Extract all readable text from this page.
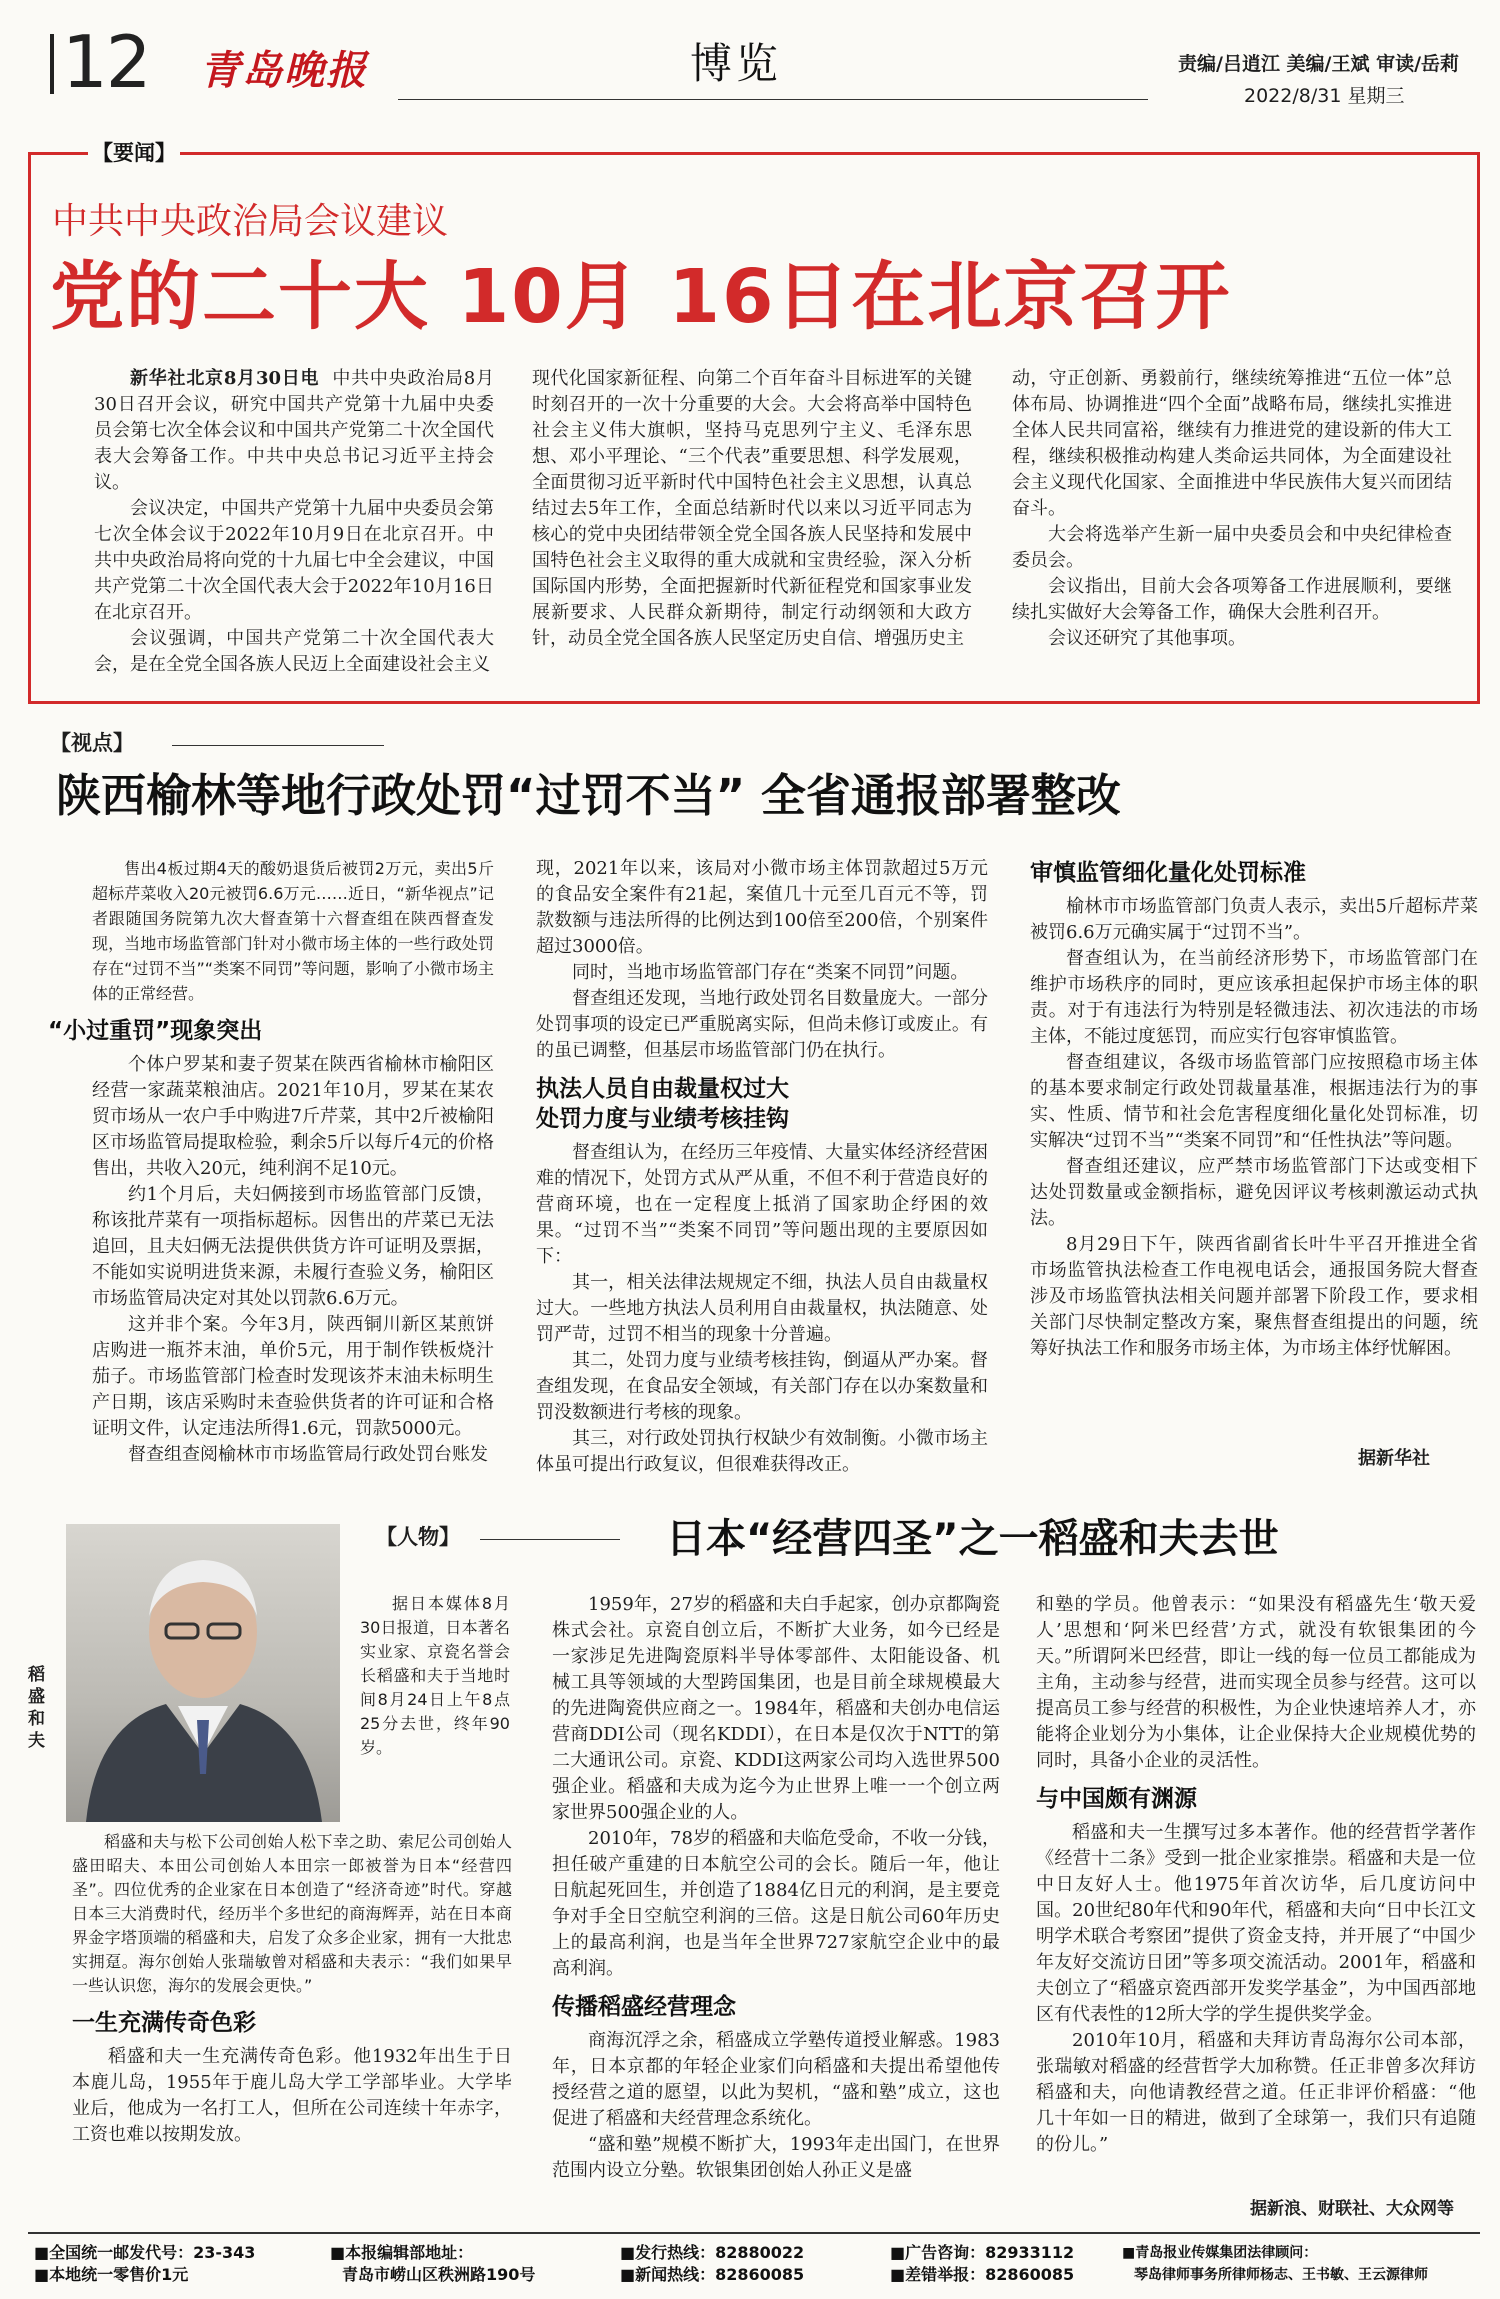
12 青岛晚报	博览	责编/吕逍江 美编/王斌 审读/岳莉
2022/8/31 星期三
【要闻】
中共中央政治局会议建议
党的二十大 10月 16日在北京召开

新华社北京8月30日电 中共中央政治局8月30日召开会议，研究中国共产党第十九届中央委员会第七次全体会议和中国共产党第二十次全国代表大会筹备工作。中共中央总书记习近平主持会议。

会议决定，中国共产党第十九届中央委员会第七次全体会议于2022年10月9日在北京召开。中共中央政治局将向党的十九届七中全会建议，中国共产党第二十次全国代表大会于2022年10月16日在北京召开。

会议强调，中国共产党第二十次全国代表大会，是在全党全国各族人民迈上全面建设社会主义

现代化国家新征程、向第二个百年奋斗目标进军的关键时刻召开的一次十分重要的大会。大会将高举中国特色社会主义伟大旗帜，坚持马克思列宁主义、毛泽东思想、邓小平理论、“三个代表”重要思想、科学发展观，全面贯彻习近平新时代中国特色社会主义思想，认真总结过去5年工作，全面总结新时代以来以习近平同志为核心的党中央团结带领全党全国各族人民坚持和发展中国特色社会主义取得的重大成就和宝贵经验，深入分析国际国内形势，全面把握新时代新征程党和国家事业发展新要求、人民群众新期待，制定行动纲领和大政方针，动员全党全国各族人民坚定历史自信、增强历史主

动，守正创新、勇毅前行，继续统筹推进“五位一体”总体布局、协调推进“四个全面”战略布局，继续扎实推进全体人民共同富裕，继续有力推进党的建设新的伟大工程，继续积极推动构建人类命运共同体，为全面建设社会主义现代化国家、全面推进中华民族伟大复兴而团结奋斗。

大会将选举产生新一届中央委员会和中央纪律检查委员会。

会议指出，目前大会各项筹备工作进展顺利，要继续扎实做好大会筹备工作，确保大会胜利召开。

会议还研究了其他事项。

【视点】
陕西榆林等地行政处罚“过罚不当” 全省通报部署整改

售出4板过期4天的酸奶退货后被罚2万元，卖出5斤超标芹菜收入20元被罚6.6万元……近日，“新华视点”记者跟随国务院第九次大督查第十六督查组在陕西督查发现，当地市场监管部门针对小微市场主体的一些行政处罚存在“过罚不当”“类案不同罚”等问题，影响了小微市场主体的正常经营。

“小过重罚”现象突出

个体户罗某和妻子贺某在陕西省榆林市榆阳区经营一家蔬菜粮油店。2021年10月，罗某在某农贸市场从一农户手中购进7斤芹菜，其中2斤被榆阳区市场监管局提取检验，剩余5斤以每斤4元的价格售出，共收入20元，纯利润不足10元。

约1个月后，夫妇俩接到市场监管部门反馈，称该批芹菜有一项指标超标。因售出的芹菜已无法追回，且夫妇俩无法提供供货方许可证明及票据，不能如实说明进货来源，未履行查验义务，榆阳区市场监管局决定对其处以罚款6.6万元。

这并非个案。今年3月，陕西铜川新区某煎饼店购进一瓶芥末油，单价5元，用于制作铁板烧汁茄子。市场监管部门检查时发现该芥末油未标明生产日期，该店采购时未查验供货者的许可证和合格证明文件，认定违法所得1.6元，罚款5000元。

督查组查阅榆林市市场监管局行政处罚台账发

现，2021年以来，该局对小微市场主体罚款超过5万元的食品安全案件有21起，案值几十元至几百元不等，罚款数额与违法所得的比例达到100倍至200倍，个别案件超过3000倍。

同时，当地市场监管部门存在“类案不同罚”问题。

督查组还发现，当地行政处罚名目数量庞大。一部分处罚事项的设定已严重脱离实际，但尚未修订或废止。有的虽已调整，但基层市场监管部门仍在执行。

执法人员自由裁量权过大
处罚力度与业绩考核挂钩

督查组认为，在经历三年疫情、大量实体经济经营困难的情况下，处罚方式从严从重，不但不利于营造良好的营商环境，也在一定程度上抵消了国家助企纾困的效果。“过罚不当”“类案不同罚”等问题出现的主要原因如下：

其一，相关法律法规规定不细，执法人员自由裁量权过大。一些地方执法人员利用自由裁量权，执法随意、处罚严苛，过罚不相当的现象十分普遍。

其二，处罚力度与业绩考核挂钩，倒逼从严办案。督查组发现，在食品安全领域，有关部门存在以办案数量和罚没数额进行考核的现象。

其三，对行政处罚执行权缺少有效制衡。小微市场主体虽可提出行政复议，但很难获得改正。

审慎监管细化量化处罚标准

榆林市市场监管部门负责人表示，卖出5斤超标芹菜被罚6.6万元确实属于“过罚不当”。

督查组认为，在当前经济形势下，市场监管部门在维护市场秩序的同时，更应该承担起保护市场主体的职责。对于有违法行为特别是轻微违法、初次违法的市场主体，不能过度惩罚，而应实行包容审慎监管。

督查组建议，各级市场监管部门应按照稳市场主体的基本要求制定行政处罚裁量基准，根据违法行为的事实、性质、情节和社会危害程度细化量化处罚标准，切实解决“过罚不当”“类案不同罚”和“任性执法”等问题。

督查组还建议，应严禁市场监管部门下达或变相下达处罚数量或金额指标，避免因评议考核刺激运动式执法。

8月29日下午，陕西省副省长叶牛平召开推进全省市场监管执法检查工作电视电话会，通报国务院大督查涉及市场监管执法相关问题并部署下阶段工作，要求相关部门尽快制定整改方案，聚焦督查组提出的问题，统筹好执法工作和服务市场主体，为市场主体纾忧解困。

据新华社
稻盛和夫
【人物】	日本“经营四圣”之一稻盛和夫去世

据日本媒体8月30日报道，日本著名实业家、京瓷名誉会长稻盛和夫于当地时间8月24日上午8点25分去世，终年90岁。

稻盛和夫与松下公司创始人松下幸之助、索尼公司创始人盛田昭夫、本田公司创始人本田宗一郎被誉为日本“经营四圣”。四位优秀的企业家在日本创造了“经济奇迹”时代。穿越日本三大消费时代，经历半个多世纪的商海辉弄，站在日本商界金字塔顶端的稻盛和夫，启发了众多企业家，拥有一大批忠实拥趸。海尔创始人张瑞敏曾对稻盛和夫表示：“我们如果早一些认识您，海尔的发展会更快。”

一生充满传奇色彩

稻盛和夫一生充满传奇色彩。他1932年出生于日本鹿儿岛，1955年于鹿儿岛大学工学部毕业。大学毕业后，他成为一名打工人，但所在公司连续十年赤字，工资也难以按期发放。

1959年，27岁的稻盛和夫白手起家，创办京都陶瓷株式会社。京瓷自创立后，不断扩大业务，如今已经是一家涉足先进陶瓷原料半导体零部件、太阳能设备、机械工具等领域的大型跨国集团，也是目前全球规模最大的先进陶瓷供应商之一。1984年，稻盛和夫创办电信运营商DDI公司（现名KDDI），在日本是仅次于NTT的第二大通讯公司。京瓷、KDDI这两家公司均入选世界500强企业。稻盛和夫成为迄今为止世界上唯一一个创立两家世界500强企业的人。

2010年，78岁的稻盛和夫临危受命，不收一分钱，担任破产重建的日本航空公司的会长。随后一年，他让日航起死回生，并创造了1884亿日元的利润，是主要竞争对手全日空航空利润的三倍。这是日航公司60年历史上的最高利润，也是当年全世界727家航空企业中的最高利润。

传播稻盛经营理念

商海沉浮之余，稻盛成立学塾传道授业解惑。1983年，日本京都的年轻企业家们向稻盛和夫提出希望他传授经营之道的愿望，以此为契机，“盛和塾”成立，这也促进了稻盛和夫经营理念系统化。

“盛和塾”规模不断扩大，1993年走出国门，在世界范围内设立分塾。软银集团创始人孙正义是盛

和塾的学员。他曾表示：“如果没有稻盛先生‘敬天爱人’思想和‘阿米巴经营’方式，就没有软银集团的今天。”所谓阿米巴经营，即让一线的每一位员工都能成为主角，主动参与经营，进而实现全员参与经营。这可以提高员工参与经营的积极性，为企业快速培养人才，亦能将企业划分为小集体，让企业保持大企业规模优势的同时，具备小企业的灵活性。

与中国颇有渊源

稻盛和夫一生撰写过多本著作。他的经营哲学著作《经营十二条》受到一批企业家推崇。稻盛和夫是一位中日友好人士。他1975年首次访华，后几度访问中国。20世纪80年代和90年代，稻盛和夫向“日中长江文明学术联合考察团”提供了资金支持，并开展了“中国少年友好交流访日团”等多项交流活动。2001年，稻盛和夫创立了“稻盛京瓷西部开发奖学基金”，为中国西部地区有代表性的12所大学的学生提供奖学金。

2010年10月，稻盛和夫拜访青岛海尔公司本部，张瑞敏对稻盛的经营哲学大加称赞。任正非曾多次拜访稻盛和夫，向他请教经营之道。任正非评价稻盛：“他几十年如一日的精进，做到了全球第一，我们只有追随的份儿。”

据新浪、财联社、大众网等
■全国统一邮发代号：23-343
■本地统一零售价1元
■本报编辑部地址：
青岛市崂山区秩洲路190号
■发行热线：82880022
■新闻热线：82860085
■广告咨询：82933112
■差错举报：82860085
■青岛报业传媒集团法律顾问：
琴岛律师事务所律师杨志、王书敏、王云源律师
